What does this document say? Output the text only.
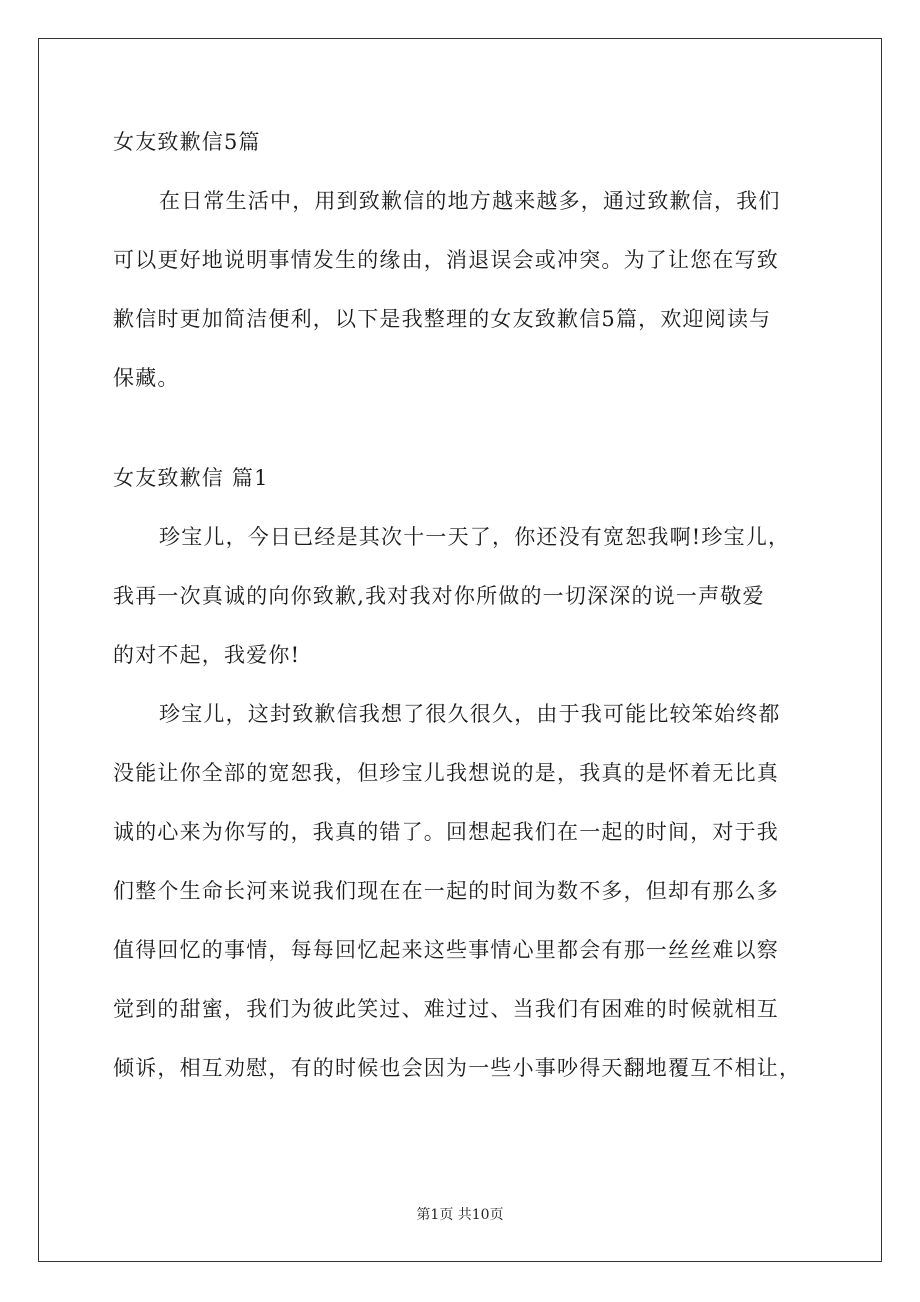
女友致歉信5篇
在日常生活中，用到致歉信的地方越来越多，通过致歉信，我们
可以更好地说明事情发生的缘由，消退误会或冲突。为了让您在写致
歉信时更加简洁便利，以下是我整理的女友致歉信5篇，欢迎阅读与
保藏。
女友致歉信 篇1
珍宝儿，今日已经是其次十一天了，你还没有宽恕我啊!珍宝儿，
我再一次真诚的向你致歉,我对我对你所做的一切深深的说一声敬爱
的对不起，我爱你!
珍宝儿，这封致歉信我想了很久很久，由于我可能比较笨始终都
没能让你全部的宽恕我，但珍宝儿我想说的是，我真的是怀着无比真
诚的心来为你写的，我真的错了。回想起我们在一起的时间，对于我
们整个生命长河来说我们现在在一起的时间为数不多，但却有那么多
值得回忆的事情，每每回忆起来这些事情心里都会有那一丝丝难以察
觉到的甜蜜，我们为彼此笑过、难过过、当我们有困难的时候就相互
倾诉，相互劝慰，有的时候也会因为一些小事吵得天翻地覆互不相让，
第1页 共10页
